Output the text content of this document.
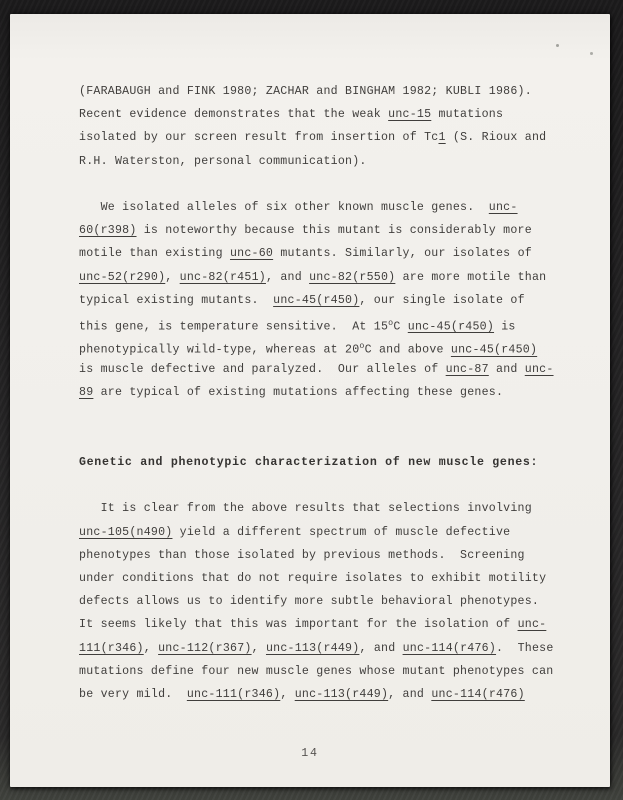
(FARABAUGH and FINK 1980; ZACHAR and BINGHAM 1982; KUBLI 1986).
Recent evidence demonstrates that the weak unc-15 mutations
isolated by our screen result from insertion of Tc1 (S. Rioux and
R.H. Waterston, personal communication).
We isolated alleles of six other known muscle genes.  unc-
60(r398) is noteworthy because this mutant is considerably more
motile than existing unc-60 mutants. Similarly, our isolates of
unc-52(r290), unc-82(r451), and unc-82(r550) are more motile than
typical existing mutants.  unc-45(r450), our single isolate of
this gene, is temperature sensitive.  At 15$^o$C unc-45(r450) is
phenotypically wild-type, whereas at 20$^o$C and above unc-45(r450)
is muscle defective and paralyzed.  Our alleles of unc-87 and unc-
89 are typical of existing mutations affecting these genes.
Genetic and phenotypic characterization of new muscle genes:
It is clear from the above results that selections involving
unc-105(n490) yield a different spectrum of muscle defective
phenotypes than those isolated by previous methods.  Screening
under conditions that do not require isolates to exhibit motility
defects allows us to identify more subtle behavioral phenotypes.
It seems likely that this was important for the isolation of unc-
111(r346), unc-112(r367), unc-113(r449), and unc-114(r476).  These
mutations define four new muscle genes whose mutant phenotypes can
be very mild.  unc-111(r346), unc-113(r449), and unc-114(r476)
14
